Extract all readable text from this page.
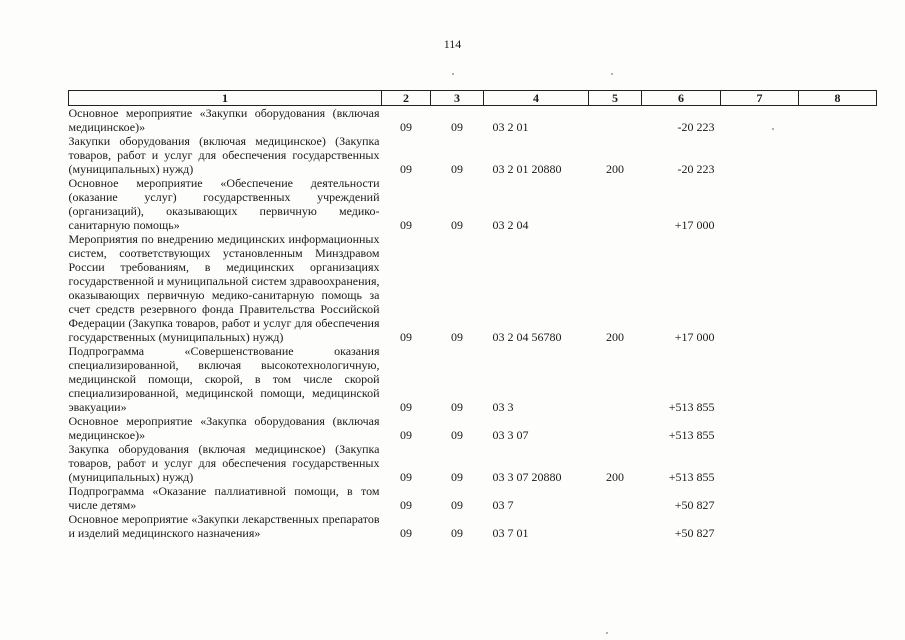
114
1	2	3	4	5	6	7	8
Основное мероприятие «Закупки оборудования (включая медицинское)»	09	09	03 2 01		-20 223		
Закупки оборудования (включая медицинское) (Закупка товаров, работ и услуг для обеспечения государственных (муниципальных) нужд)	09	09	03 2 01 20880	200	-20 223		
Основное мероприятие «Обеспечение деятельности (оказание услуг) государственных учреждений (организаций), оказывающих первичную медико-санитарную помощь»	09	09	03 2 04		+17 000		
Мероприятия по внедрению медицинских информационных систем, соответствующих установленным Минздравом России требованиям, в медицинских организациях государственной и муниципальной систем здравоохранения, оказывающих первичную медико-санитарную помощь за счет средств резервного фонда Правительства Российской Федерации (Закупка товаров, работ и услуг для обеспечения государственных (муниципальных) нужд)	09	09	03 2 04 56780	200	+17 000		
Подпрограмма «Совершенствование оказания специализированной, включая высокотехнологичную, медицинской помощи, скорой, в том числе скорой специализированной, медицинской помощи, медицинской эвакуации»	09	09	03 3		+513 855		
Основное мероприятие «Закупка оборудования (включая медицинское)»	09	09	03 3 07		+513 855		
Закупка оборудования (включая медицинское) (Закупка товаров, работ и услуг для обеспечения государственных (муниципальных) нужд)	09	09	03 3 07 20880	200	+513 855		
Подпрограмма «Оказание паллиативной помощи, в том числе детям»	09	09	03 7		+50 827		
Основное мероприятие «Закупки лекарственных препаратов и изделий медицинского назначения»	09	09	03 7 01		+50 827		
